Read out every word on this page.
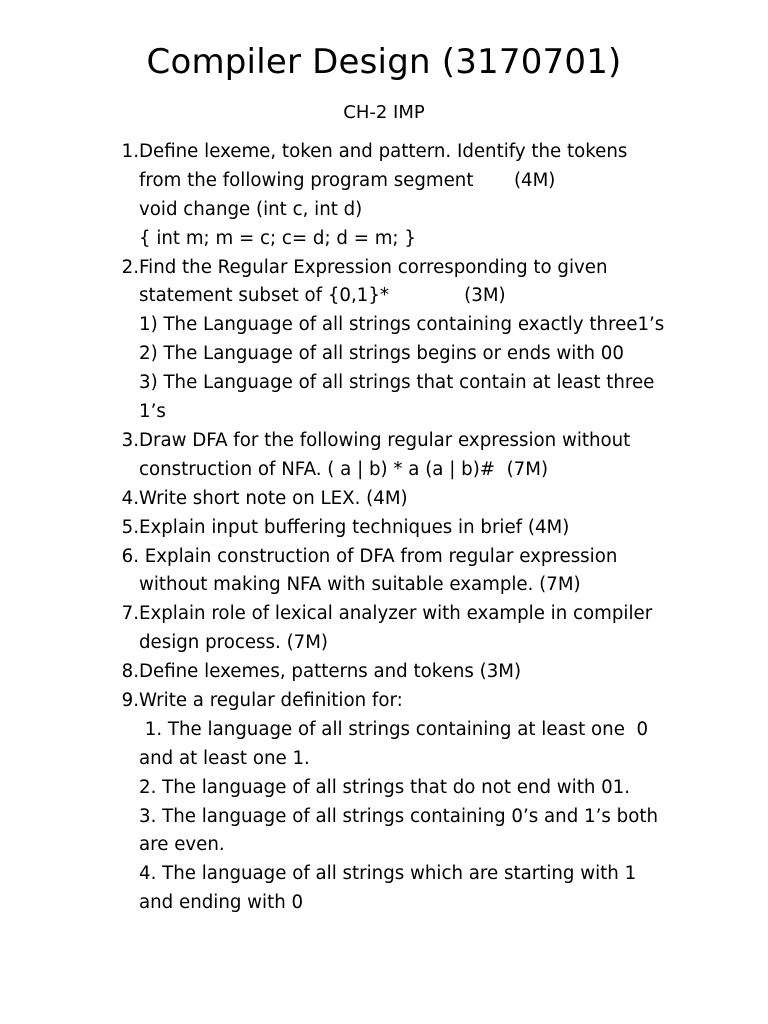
Compiler Design (3170701)
CH-2 IMP
1. Define lexeme, token and pattern. Identify the tokens
from the following program segment       (4M)
void change (int c, int d)
{ int m; m = c; c= d; d = m; }
2. Find the Regular Expression corresponding to given
statement subset of {0,1}*             (3M)
1) The Language of all strings containing exactly three1’s
2) The Language of all strings begins or ends with 00
3) The Language of all strings that contain at least three
1’s
3. Draw DFA for the following regular expression without
construction of NFA. ( a | b) * a (a | b)#  (7M)
4. Write short note on LEX. (4M)
5. Explain input buffering techniques in brief (4M)
6. Explain construction of DFA from regular expression
without making NFA with suitable example. (7M)
7. Explain role of lexical analyzer with example in compiler
design process. (7M)
8. Define lexemes, patterns and tokens (3M)
9. Write a regular definition for:
1. The language of all strings containing at least one  0
and at least one 1.
2. The language of all strings that do not end with 01.
3. The language of all strings containing 0’s and 1’s both
are even.
4. The language of all strings which are starting with 1
and ending with 0
